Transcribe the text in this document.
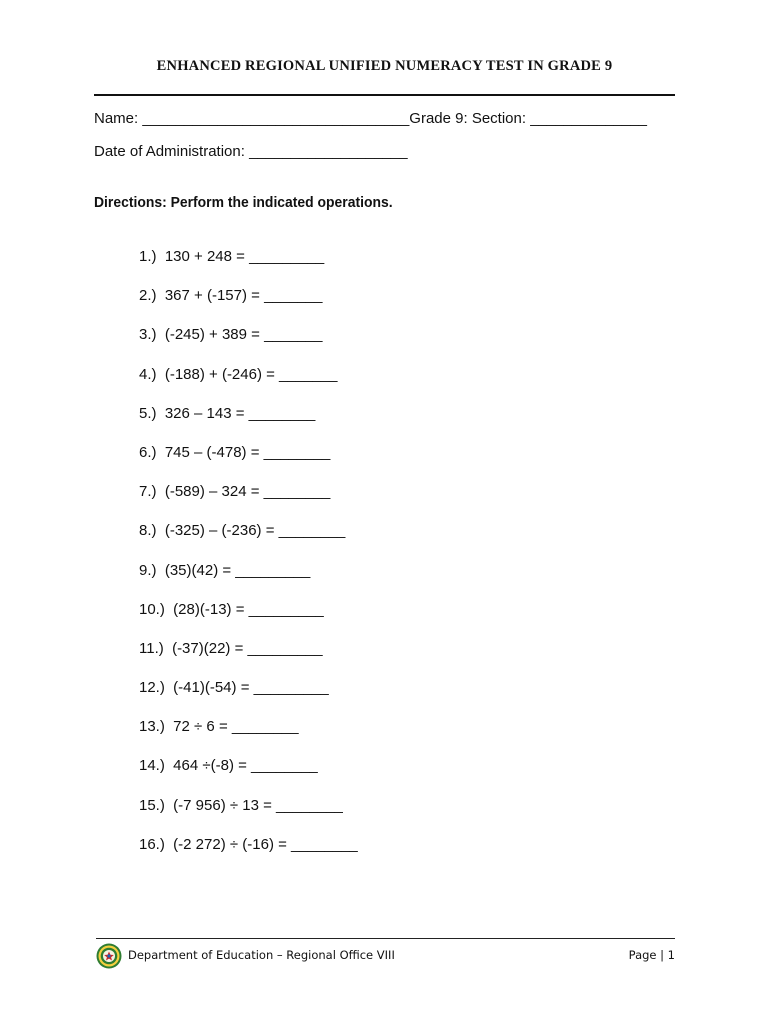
ENHANCED REGIONAL UNIFIED NUMERACY TEST IN GRADE 9
Name: ________________________________Grade 9: Section: ______________
Date of Administration: ___________________
Directions: Perform the indicated operations.
1.)  130 + 248 = _________
2.)  367 + (-157) = _______
3.)  (-245) + 389 = _______
4.)  (-188) + (-246) = _______
5.)  326 – 143 = ________
6.)  745 – (-478) = ________
7.)  (-589) – 324 = ________
8.)  (-325) – (-236) = ________
9.)  (35)(42) = _________
10.)  (28)(-13) = _________
11.)  (-37)(22) = _________
12.)  (-41)(-54) = _________
13.)  72 ÷ 6 = ________
14.)  464 ÷(-8) = ________
15.)  (-7 956) ÷ 13 = ________
16.)  (-2 272) ÷ (-16) = ________
Department of Education – Regional Office VIII	Page | 1
